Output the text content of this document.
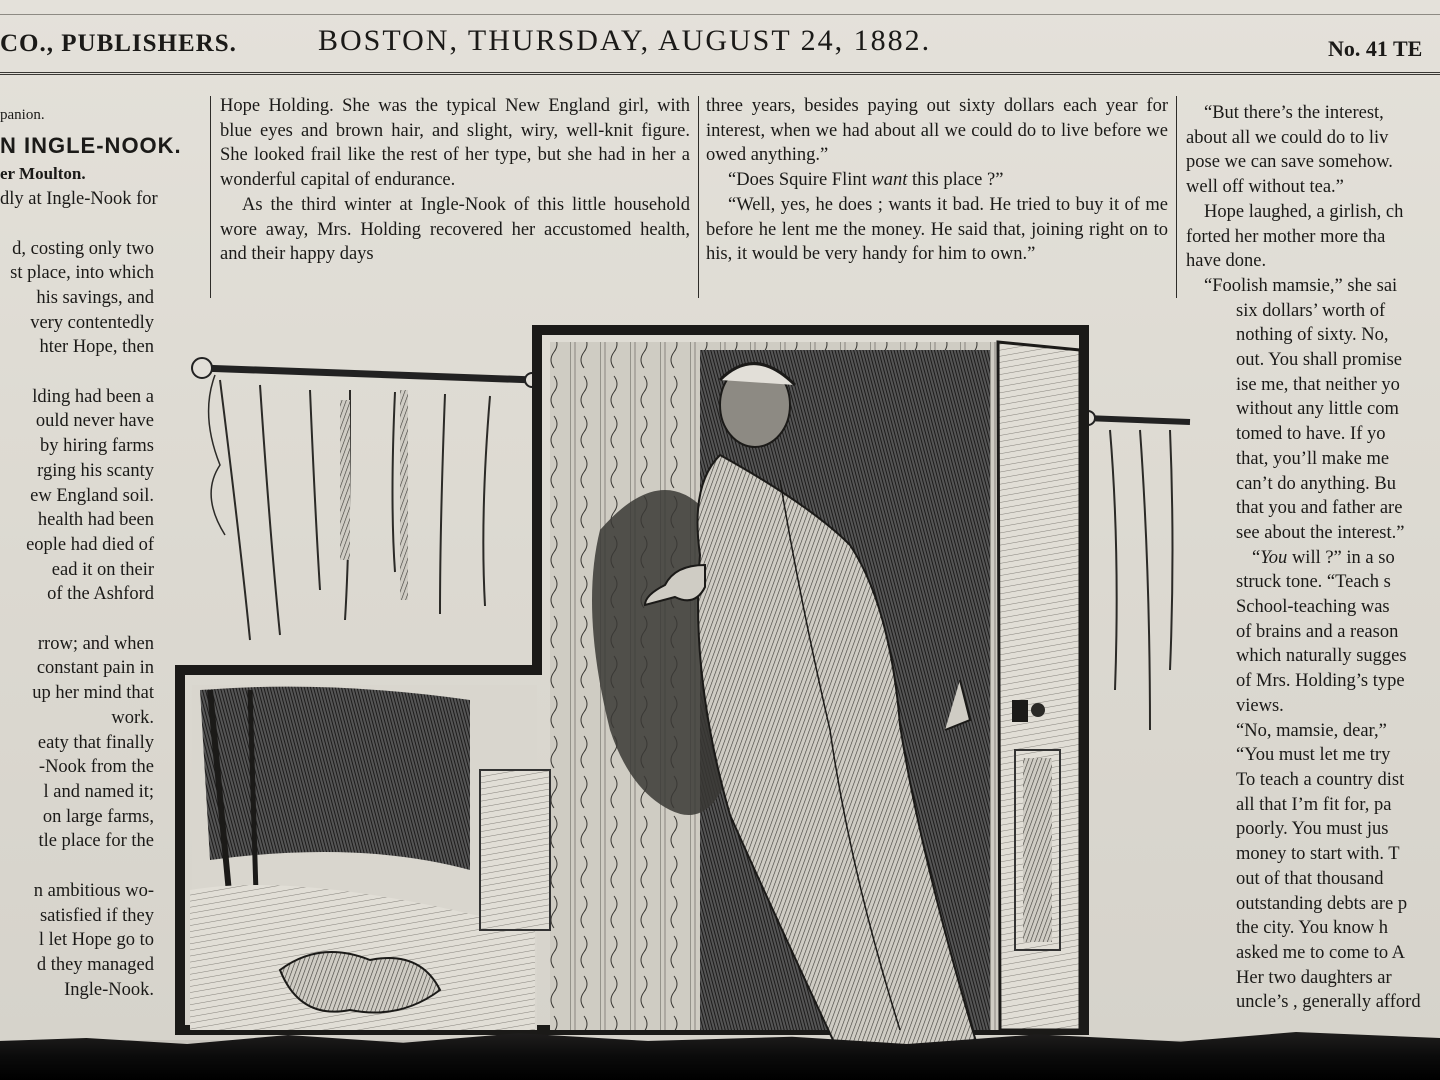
CO., PUBLISHERS.	BOSTON, THURSDAY, AUGUST 24, 1882.	No. 41 TE

panion.

N INGLE-NOOK.

er Moulton.

dly at Ingle-Nook for

d, costing only two

st place, into which

his savings, and

very contentedly

hter Hope, then

lding had been a

ould never have

by hiring farms

rging his scanty

ew England soil.

health had been

eople had died of

ead it on their

of the Ashford

rrow; and when

constant pain in

up her mind that

work.

eaty that finally

-Nook from the

l and named it;

on large farms,

tle place for the

n ambitious wo-

satisfied if they

l let Hope go to

d they managed

Ingle-Nook.

Hope Holding. She was the typical New England girl, with blue eyes and brown hair, and slight, wiry, well-knit figure. She looked frail like the rest of her type, but she had in her a wonderful capital of endurance.

As the third winter at Ingle-Nook of this little household wore away, Mrs. Holding recovered her accustomed health, and their happy days

three years, besides paying out sixty dollars each year for interest, when we had about all we could do to live before we owed anything.”

“Does Squire Flint want this place ?”

“Well, yes, he does ; wants it bad. He tried to buy it of me before he lent me the money. He said that, joining right on to his, it would be very handy for him to own.”

“But there’s the interest,

about all we could do to liv

pose we can save somehow.

well off without tea.”

Hope laughed, a girlish, ch

forted her mother more tha

have done.

“Foolish mamsie,” she sai

six dollars’ worth of

nothing of sixty. No,

out. You shall promise

ise me, that neither yo

without any little com

tomed to have. If yo

that, you’ll make me

can’t do anything. Bu

that you and father are

see about the interest.”

“You will ?” in a so

struck tone. “Teach s

School-teaching was

of brains and a reason

which naturally sugges

of Mrs. Holding’s type

views.

“No, mamsie, dear,”

“You must let me try

To teach a country dist

all that I’m fit for, pa

poorly. You must jus

money to start with. T

out of that thousand

outstanding debts are p

the city. You know h

asked me to come to A

Her two daughters ar

uncle’s , generally afford
